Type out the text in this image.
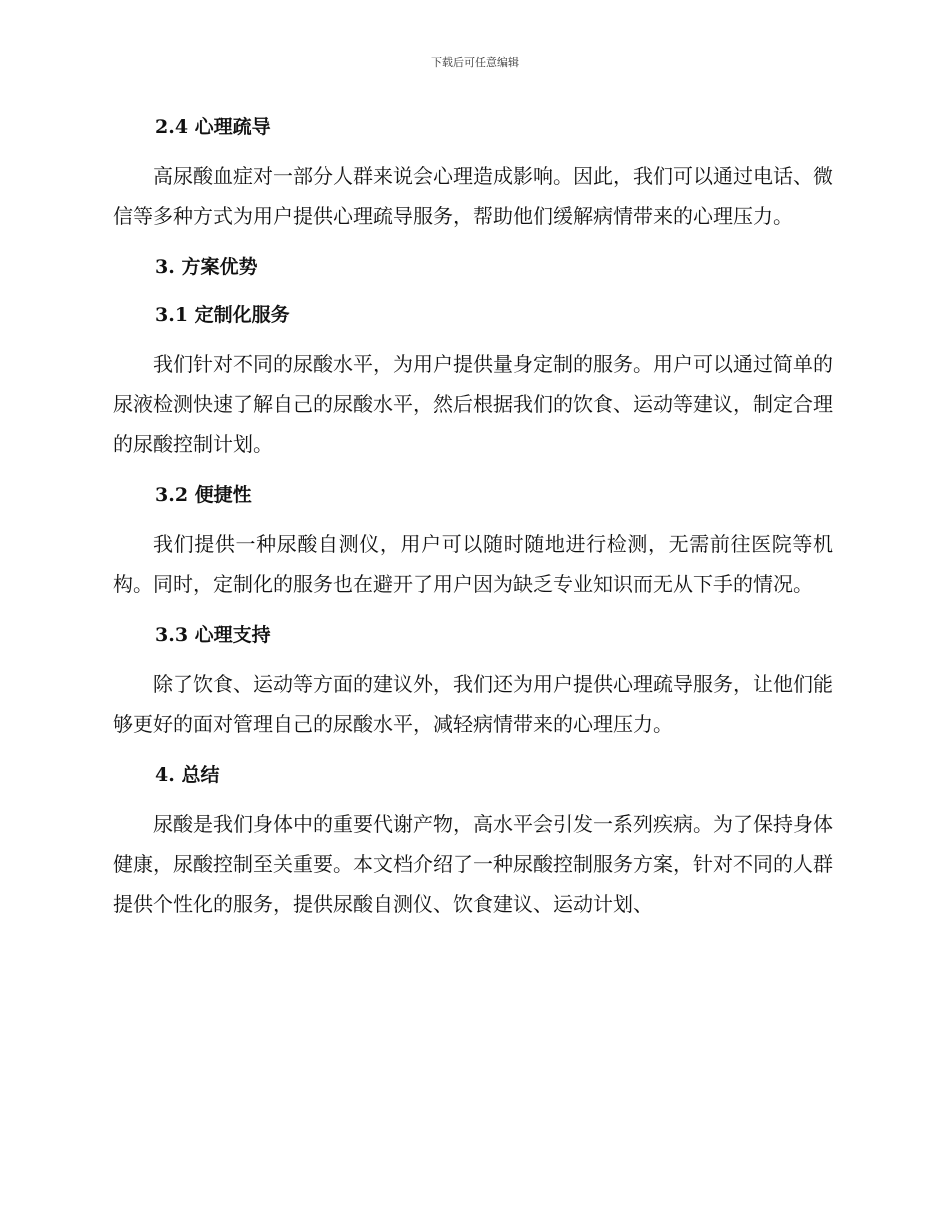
下载后可任意编辑
2.4 心理疏导

高尿酸血症对一部分人群来说会心理造成影响。因此，我们可以通过电话、微信等多种方式为用户提供心理疏导服务，帮助他们缓解病情带来的心理压力。

3. 方案优势
3.1 定制化服务

我们针对不同的尿酸水平，为用户提供量身定制的服务。用户可以通过简单的尿液检测快速了解自己的尿酸水平，然后根据我们的饮食、运动等建议，制定合理的尿酸控制计划。

3.2 便捷性

我们提供一种尿酸自测仪，用户可以随时随地进行检测，无需前往医院等机构。同时，定制化的服务也在避开了用户因为缺乏专业知识而无从下手的情况。

3.3 心理支持

除了饮食、运动等方面的建议外，我们还为用户提供心理疏导服务，让他们能够更好的面对管理自己的尿酸水平，减轻病情带来的心理压力。

4. 总结

尿酸是我们身体中的重要代谢产物，高水平会引发一系列疾病。为了保持身体健康，尿酸控制至关重要。本文档介绍了一种尿酸控制服务方案，针对不同的人群提供个性化的服务，提供尿酸自测仪、饮食建议、运动计划、
